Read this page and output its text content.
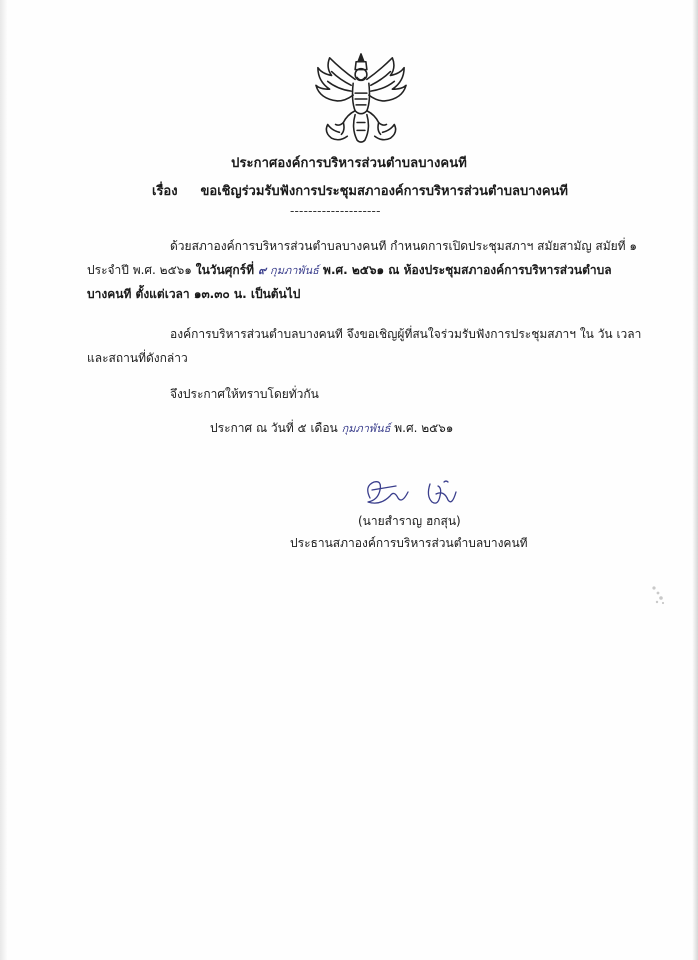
ประกาศองค์การบริหารส่วนตำบลบางคนที
เรื่อง ขอเชิญร่วมรับฟังการประชุมสภาองค์การบริหารส่วนตำบลบางคนที
--------------------
ด้วยสภาองค์การบริหารส่วนตำบลบางคนที กำหนดการเปิดประชุมสภาฯ สมัยสามัญ สมัยที่ ๑
ประจำปี พ.ศ. ๒๕๖๑ ในวันศุกร์ที่ ๙ กุมภาพันธ์ พ.ศ. ๒๕๖๑ ณ ห้องประชุมสภาองค์การบริหารส่วนตำบล
บางคนที ตั้งแต่เวลา ๑๓.๓๐ น. เป็นต้นไป
องค์การบริหารส่วนตำบลบางคนที จึงขอเชิญผู้ที่สนใจร่วมรับฟังการประชุมสภาฯ ใน วัน เวลา
และสถานที่ดังกล่าว
จึงประกาศให้ทราบโดยทั่วกัน
ประกาศ ณ วันที่ ๕ เดือน กุมภาพันธ์ พ.ศ. ๒๕๖๑
(นายสำราญ ฮกสุน)
ประธานสภาองค์การบริหารส่วนตำบลบางคนที
